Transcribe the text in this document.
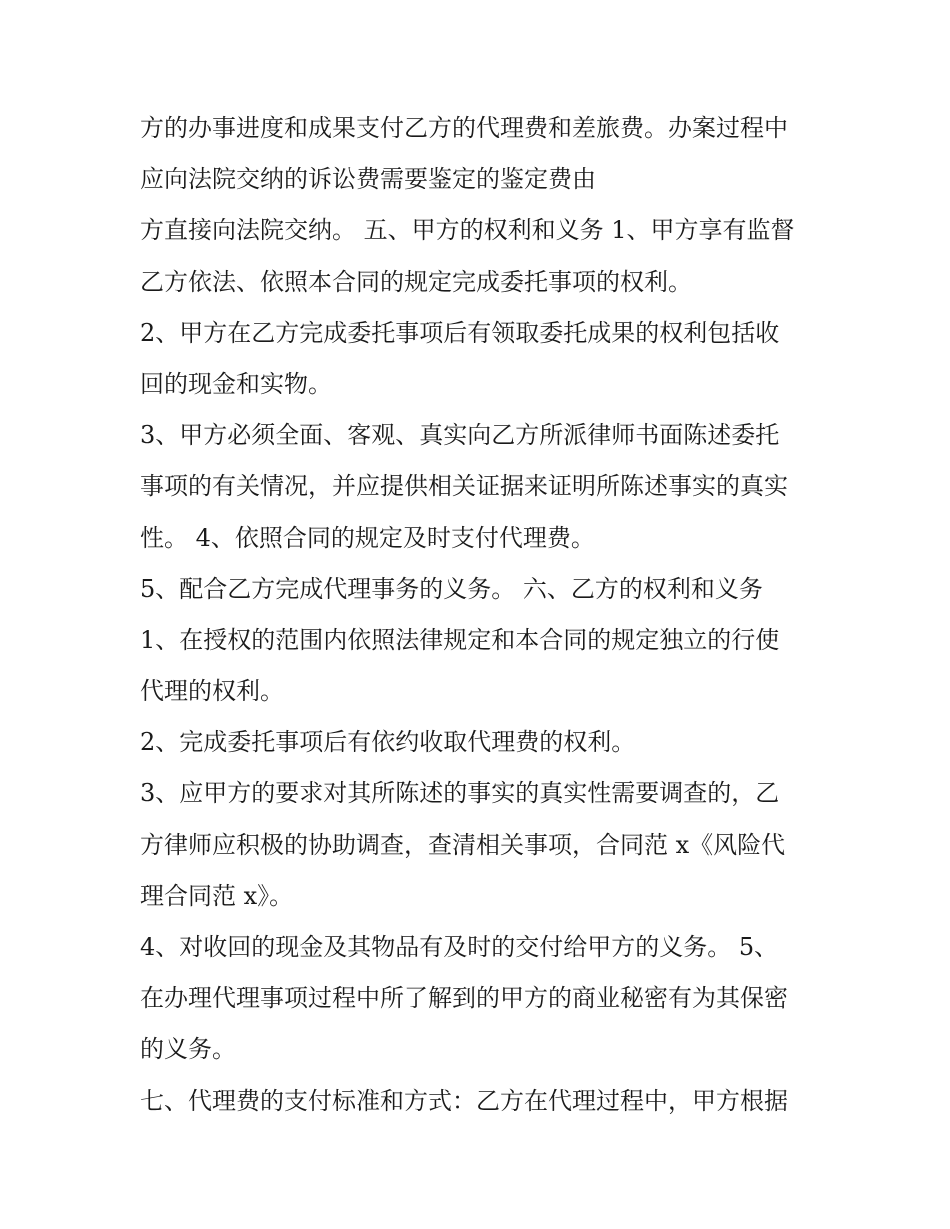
方的办事进度和成果支付乙方的代理费和差旅费。办案过程中
应向法院交纳的诉讼费需要鉴定的鉴定费由
方直接向法院交纳。 五、甲方的权利和义务 1、甲方享有监督
乙方依法、依照本合同的规定完成委托事项的权利。
2、甲方在乙方完成委托事项后有领取委托成果的权利包括收
回的现金和实物。
3、甲方必须全面、客观、真实向乙方所派律师书面陈述委托
事项的有关情况，并应提供相关证据来证明所陈述事实的真实
性。 4、依照合同的规定及时支付代理费。
5、配合乙方完成代理事务的义务。 六、乙方的权利和义务
1、在授权的范围内依照法律规定和本合同的规定独立的行使
代理的权利。
2、完成委托事项后有依约收取代理费的权利。
3、应甲方的要求对其所陈述的事实的真实性需要调查的，乙
方律师应积极的协助调查，查清相关事项，合同范 x《风险代
理合同范 x》。
4、对收回的现金及其物品有及时的交付给甲方的义务。 5、
在办理代理事项过程中所了解到的甲方的商业秘密有为其保密
的义务。
七、代理费的支付标准和方式：乙方在代理过程中，甲方根据
